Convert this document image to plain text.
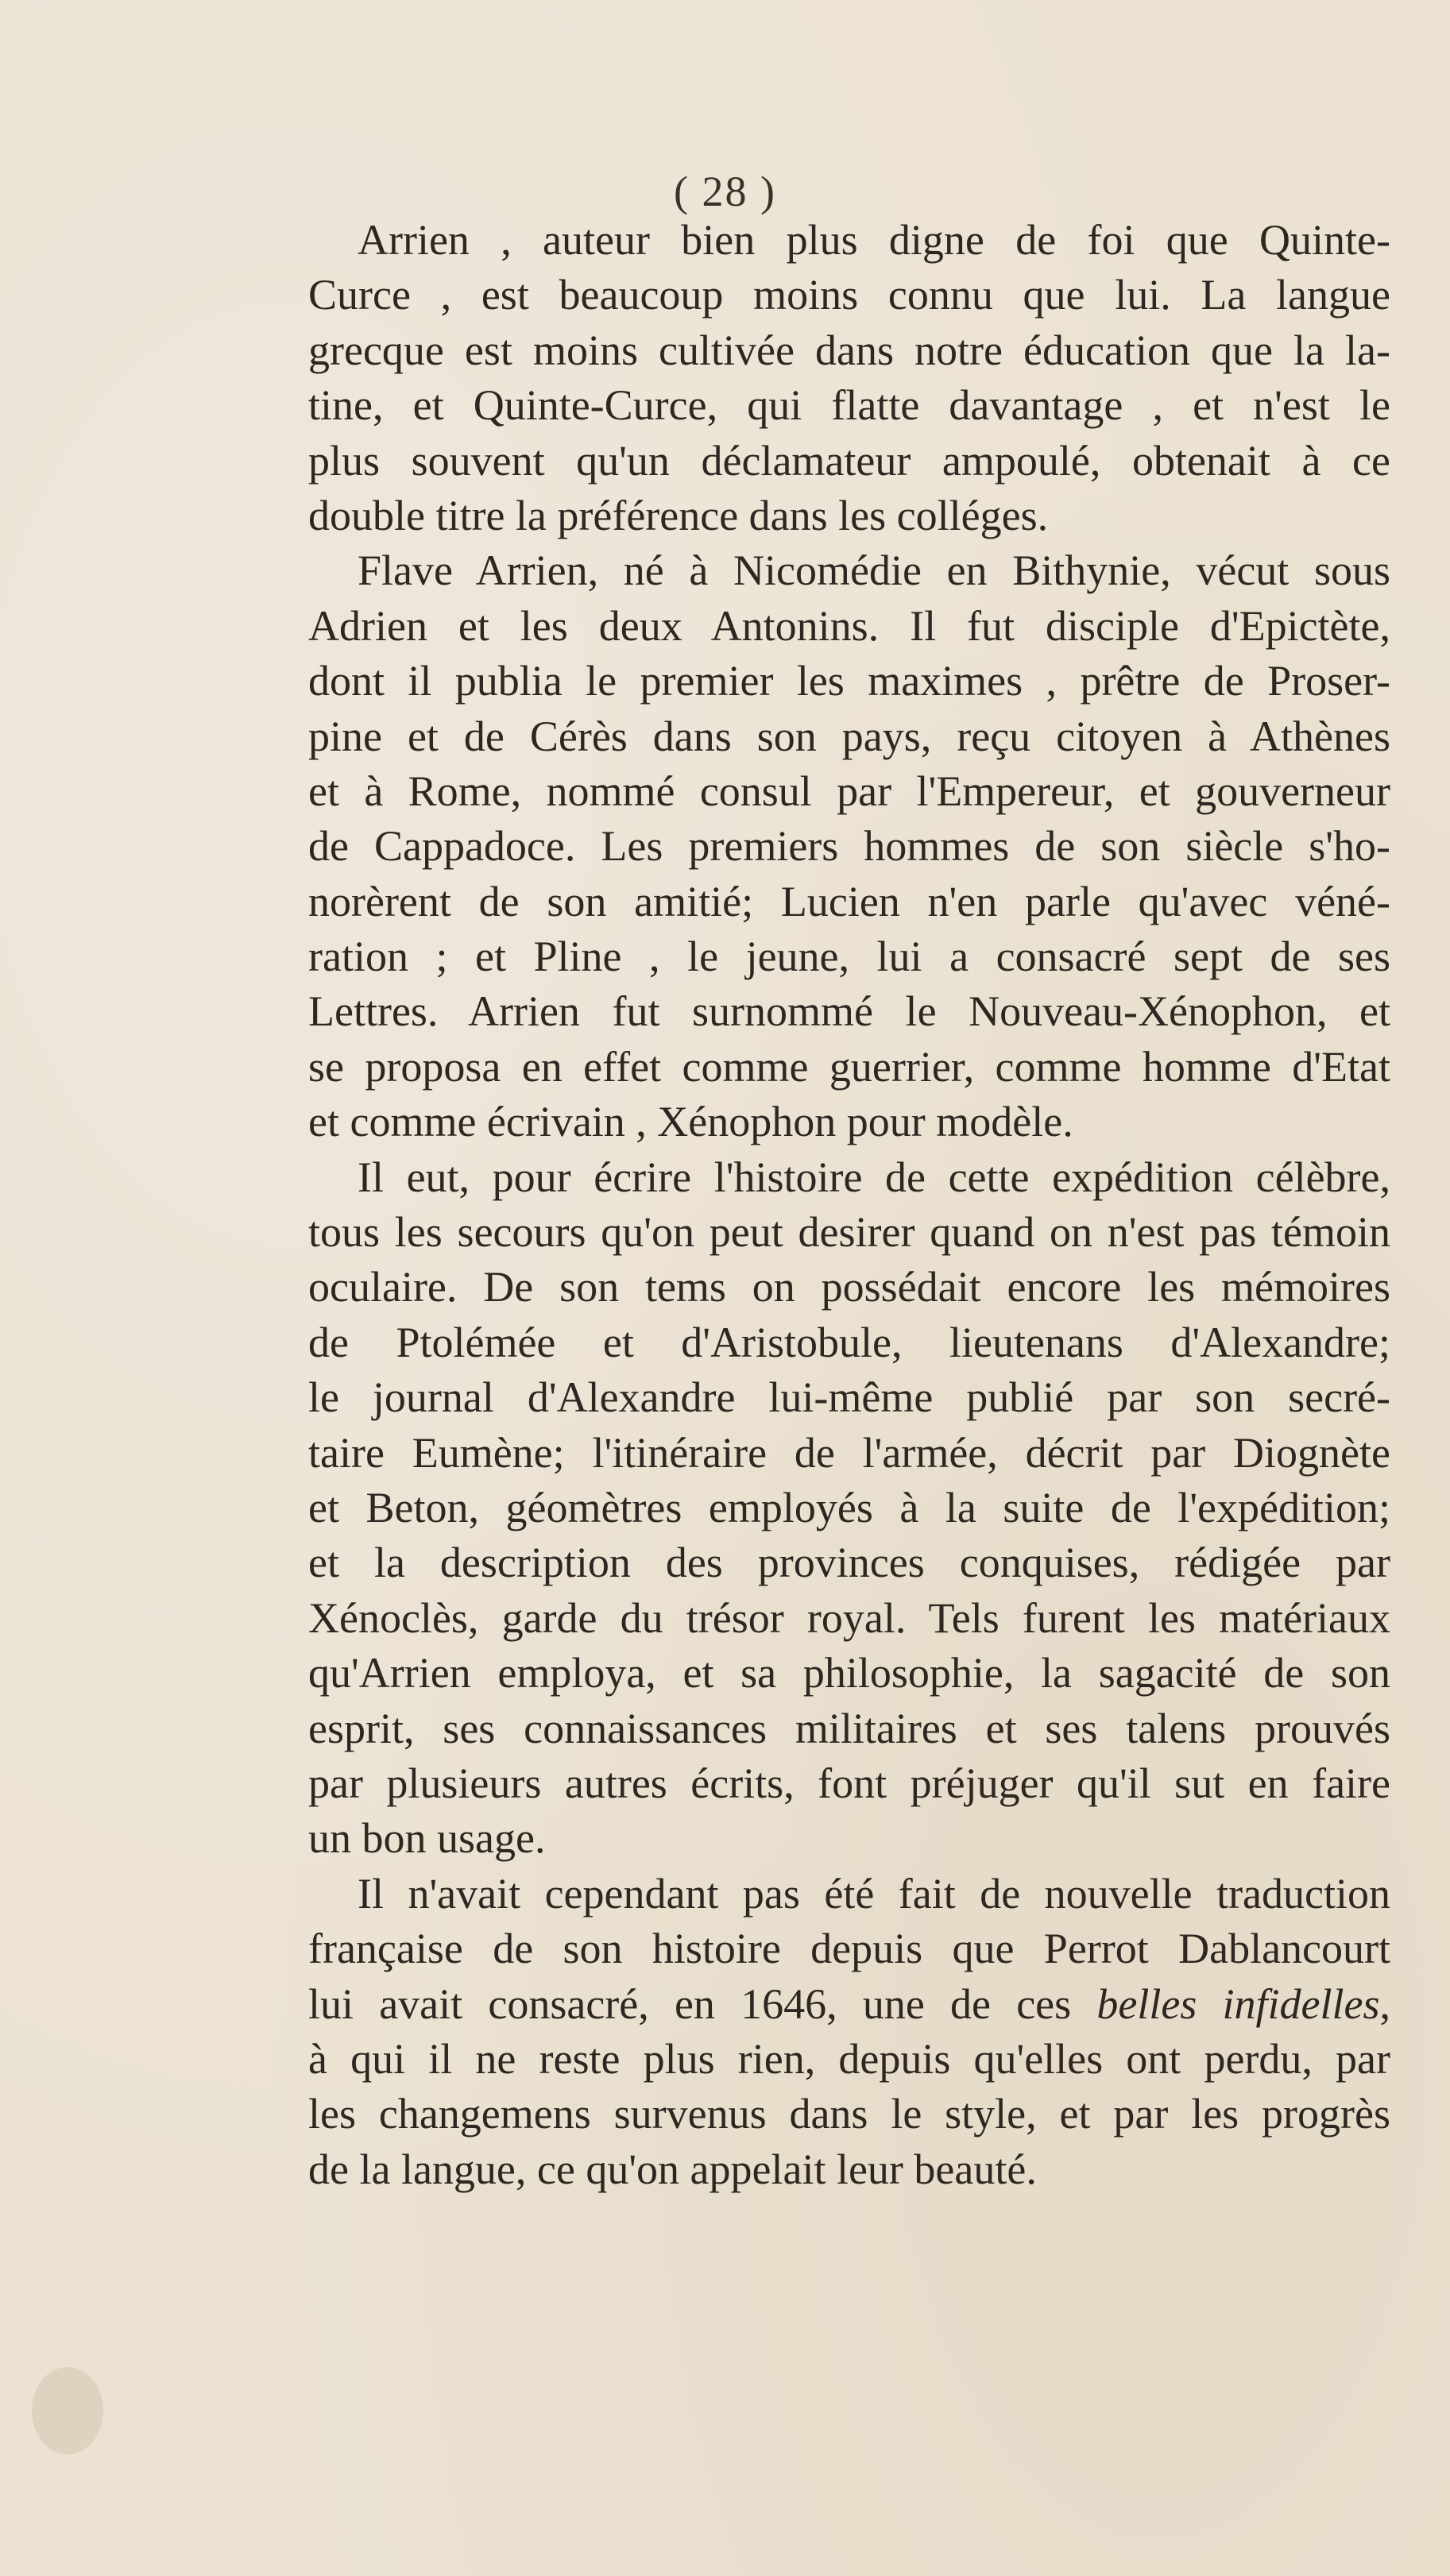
( 28 )
Arrien , auteur bien plus digne de foi que Quinte-
Curce , est beaucoup moins connu que lui. La langue
grecque est moins cultivée dans notre éducation que la la-
tine, et Quinte-Curce, qui flatte davantage , et n'est le
plus souvent qu'un déclamateur ampoulé, obtenait à ce
double titre la préférence dans les colléges.
Flave Arrien, né à Nicomédie en Bithynie, vécut sous
Adrien et les deux Antonins. Il fut disciple d'Epictète,
dont il publia le premier les maximes , prêtre de Proser-
pine et de Cérès dans son pays, reçu citoyen à Athènes
et à Rome, nommé consul par l'Empereur, et gouverneur
de Cappadoce. Les premiers hommes de son siècle s'ho-
norèrent de son amitié; Lucien n'en parle qu'avec véné-
ration ; et Pline , le jeune, lui a consacré sept de ses
Lettres. Arrien fut surnommé le Nouveau-Xénophon, et
se proposa en effet comme guerrier, comme homme d'Etat
et comme écrivain , Xénophon pour modèle.
Il eut, pour écrire l'histoire de cette expédition célèbre,
tous les secours qu'on peut desirer quand on n'est pas témoin
oculaire. De son tems on possédait encore les mémoires
de Ptolémée et d'Aristobule, lieutenans d'Alexandre;
le journal d'Alexandre lui-même publié par son secré-
taire Eumène; l'itinéraire de l'armée, décrit par Diognète
et Beton, géomètres employés à la suite de l'expédition;
et la description des provinces conquises, rédigée par
Xénoclès, garde du trésor royal. Tels furent les matériaux
qu'Arrien employa, et sa philosophie, la sagacité de son
esprit, ses connaissances militaires et ses talens prouvés
par plusieurs autres écrits, font préjuger qu'il sut en faire
un bon usage.
Il n'avait cependant pas été fait de nouvelle traduction
française de son histoire depuis que Perrot Dablancourt
lui avait consacré, en 1646, une de ces belles infidelles,
à qui il ne reste plus rien, depuis qu'elles ont perdu, par
les changemens survenus dans le style, et par les progrès
de la langue, ce qu'on appelait leur beauté.
